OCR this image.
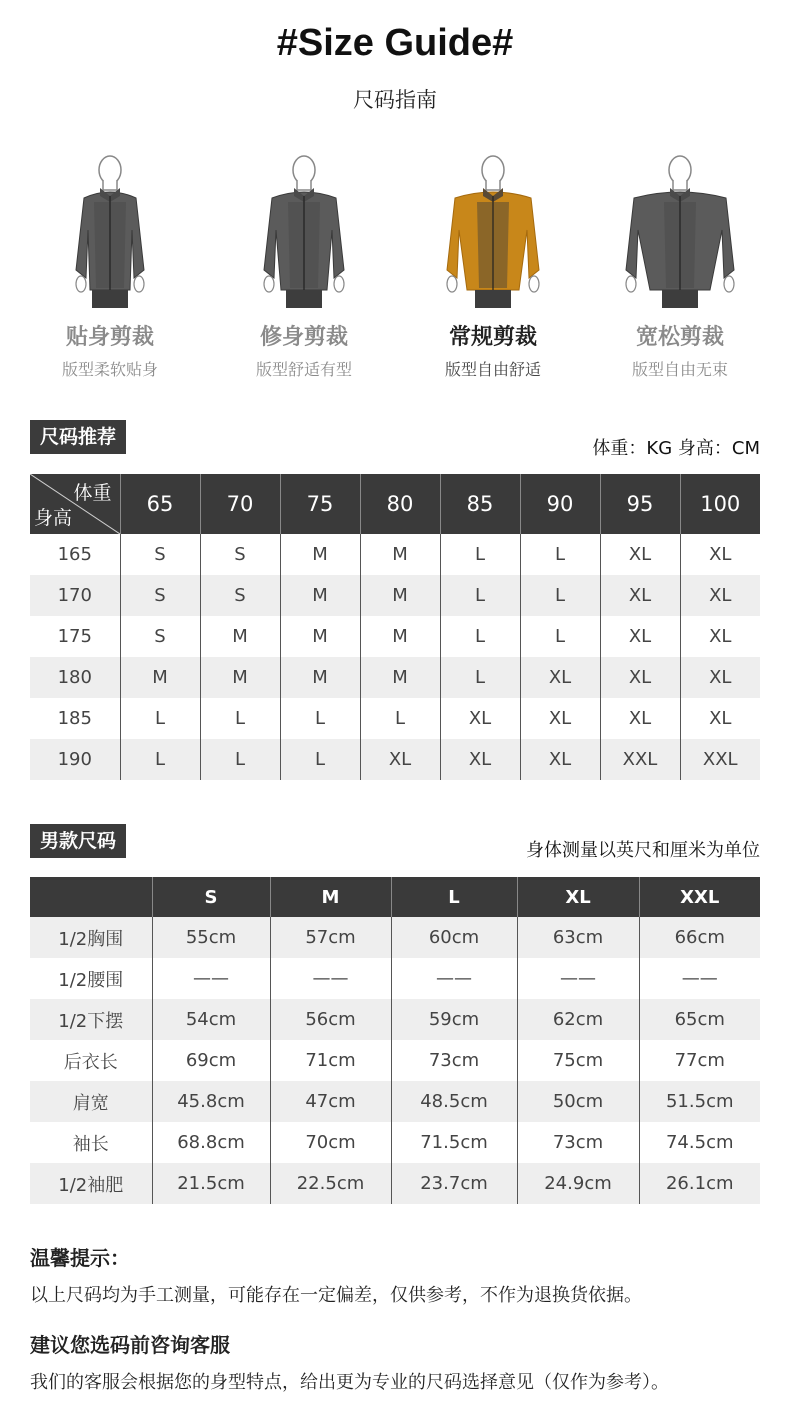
#Size Guide#
尺码指南
贴身剪裁
版型柔软贴身
修身剪裁
版型舒适有型
常规剪裁
版型自由舒适
宽松剪裁
版型自由无束
尺码推荐
体重：KG 身高：CM
体重
身高	65	70	75	80	85	90	95	100
165	S	S	M	M	L	L	XL	XL
170	S	S	M	M	L	L	XL	XL
175	S	M	M	M	L	L	XL	XL
180	M	M	M	M	L	XL	XL	XL
185	L	L	L	L	XL	XL	XL	XL
190	L	L	L	XL	XL	XL	XXL	XXL
男款尺码	身体测量以英尺和厘米为单位
	S	M	L	XL	XXL
1/2胸围	55cm	57cm	60cm	63cm	66cm
1/2腰围	——	——	——	——	——
1/2下摆	54cm	56cm	59cm	62cm	65cm
后衣长	69cm	71cm	73cm	75cm	77cm
肩宽	45.8cm	47cm	48.5cm	50cm	51.5cm
袖长	68.8cm	70cm	71.5cm	73cm	74.5cm
1/2袖肥	21.5cm	22.5cm	23.7cm	24.9cm	26.1cm
温馨提示：
以上尺码均为手工测量，可能存在一定偏差，仅供参考，不作为退换货依据。
建议您选码前咨询客服
我们的客服会根据您的身型特点，给出更为专业的尺码选择意见（仅作为参考）。
